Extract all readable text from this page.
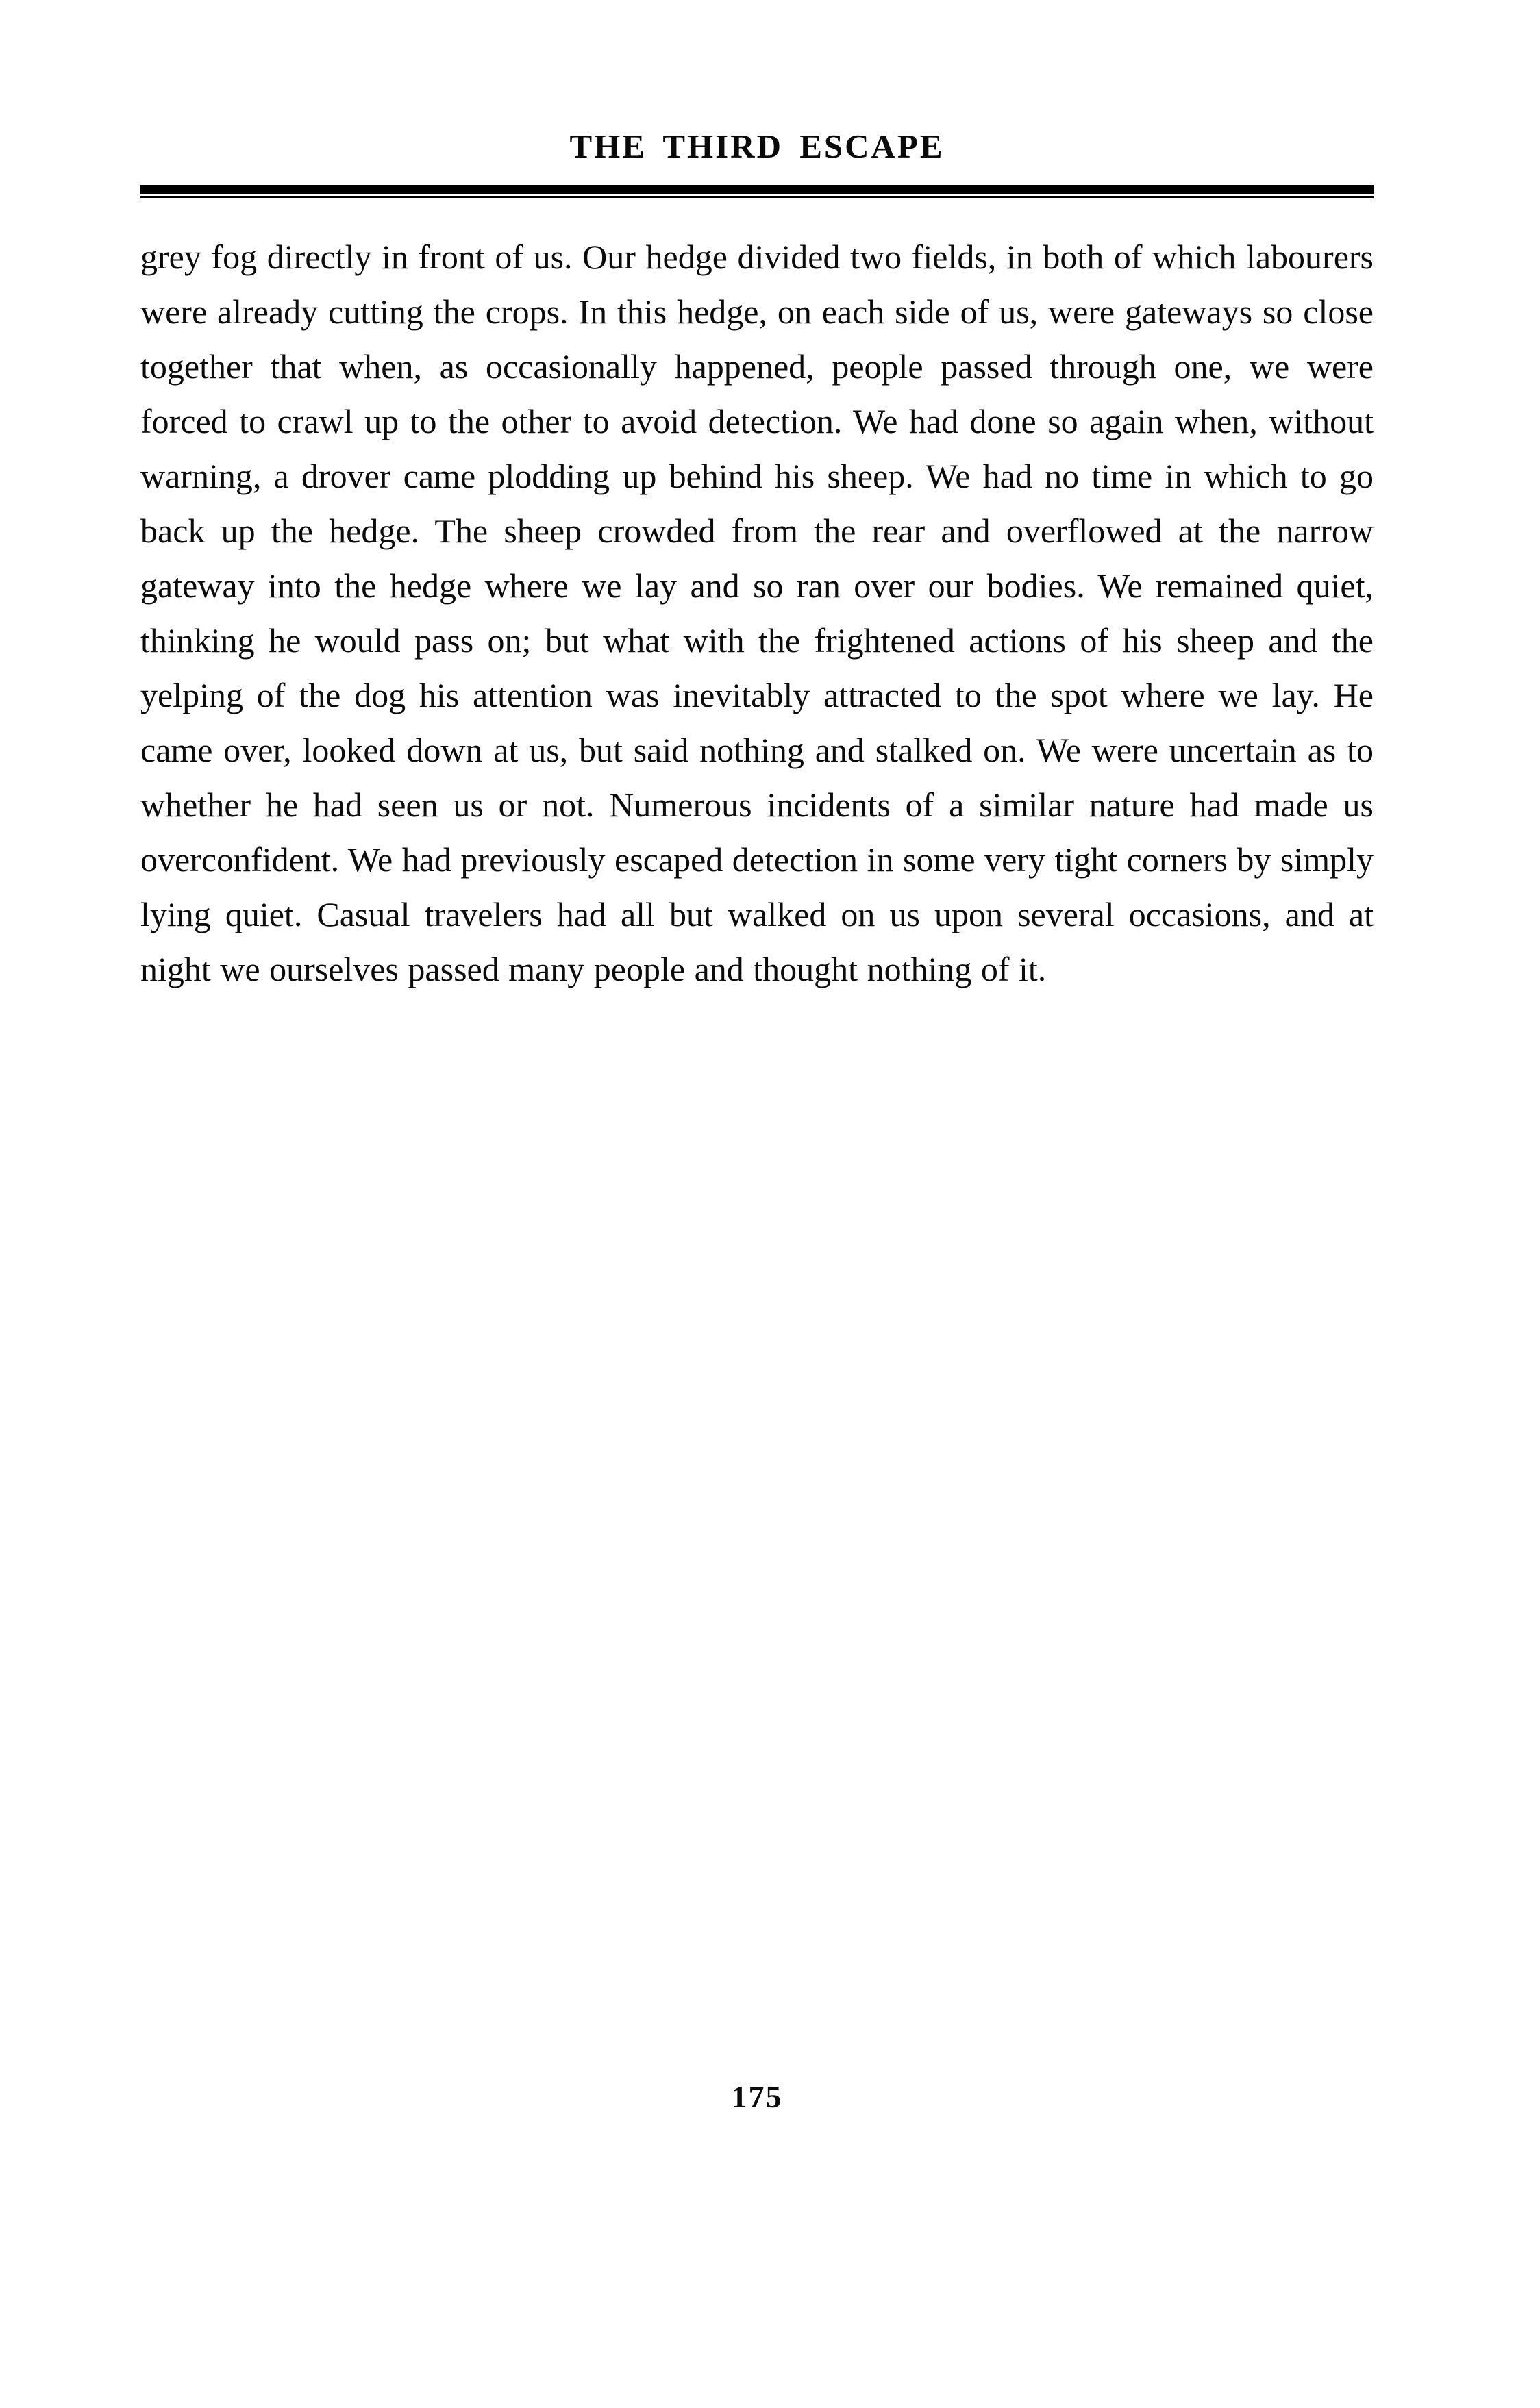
THE THIRD ESCAPE

grey fog directly in front of us. Our hedge divided two fields, in both of which labourers were already cutting the crops. In this hedge, on each side of us, were gateways so close together that when, as occasionally happened, people passed through one, we were forced to crawl up to the other to avoid detection. We had done so again when, without warning, a drover came plodding up behind his sheep. We had no time in which to go back up the hedge. The sheep crowded from the rear and overflowed at the narrow gateway into the hedge where we lay and so ran over our bodies. We remained quiet, thinking he would pass on; but what with the frightened actions of his sheep and the yelping of the dog his attention was inevitably attracted to the spot where we lay. He came over, looked down at us, but said nothing and stalked on. We were uncertain as to whether he had seen us or not. Numerous incidents of a similar nature had made us overconfident. We had previously escaped detection in some very tight corners by simply lying quiet. Casual travelers had all but walked on us upon several occasions, and at night we ourselves passed many people and thought nothing of it.

175
